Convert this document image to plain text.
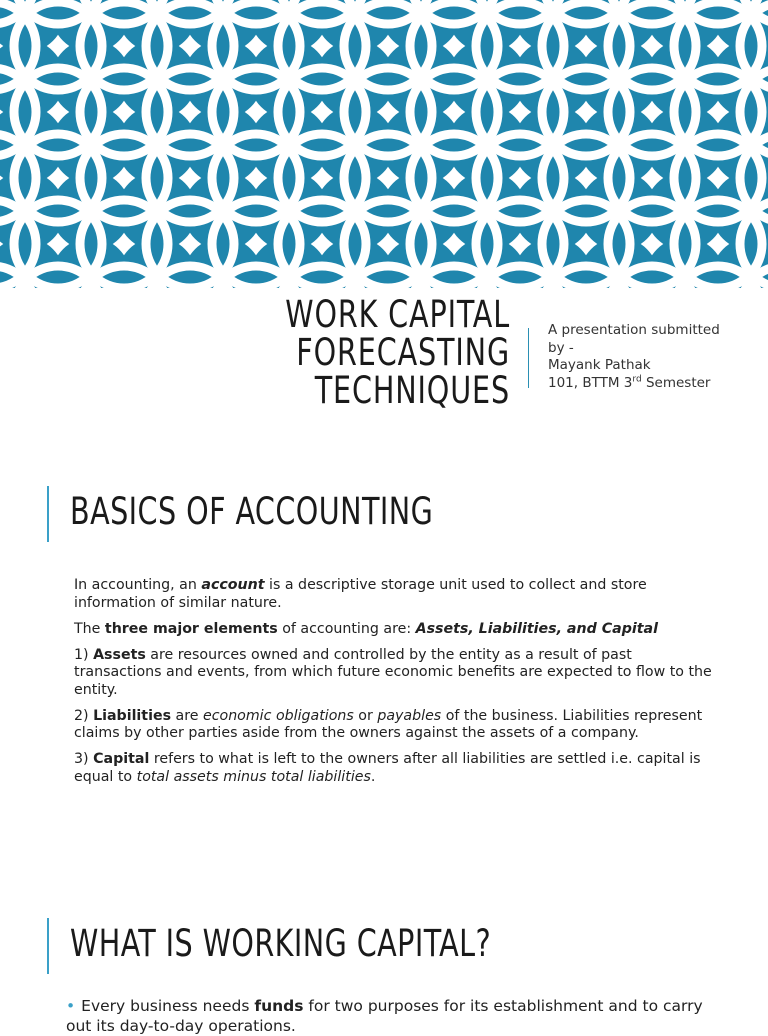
WORK CAPITAL
FORECASTING
TECHNIQUES
A presentation submitted
by -
Mayank Pathak
101, BTTM 3rd Semester
BASICS OF ACCOUNTING

In accounting, an account is a descriptive storage unit used to collect and store information of similar nature.

The three major elements of accounting are: Assets, Liabilities, and Capital

1) Assets are resources owned and controlled by the entity as a result of past transactions and events, from which future economic benefits are expected to flow to the entity.

2) Liabilities are economic obligations or payables of the business. Liabilities represent claims by other parties aside from the owners against the assets of a company.

3) Capital refers to what is left to the owners after all liabilities are settled i.e. capital is equal to total assets minus total liabilities.

WHAT IS WORKING CAPITAL?
• Every business needs funds for two purposes for its establishment and to carry out its day-to-day operations.
